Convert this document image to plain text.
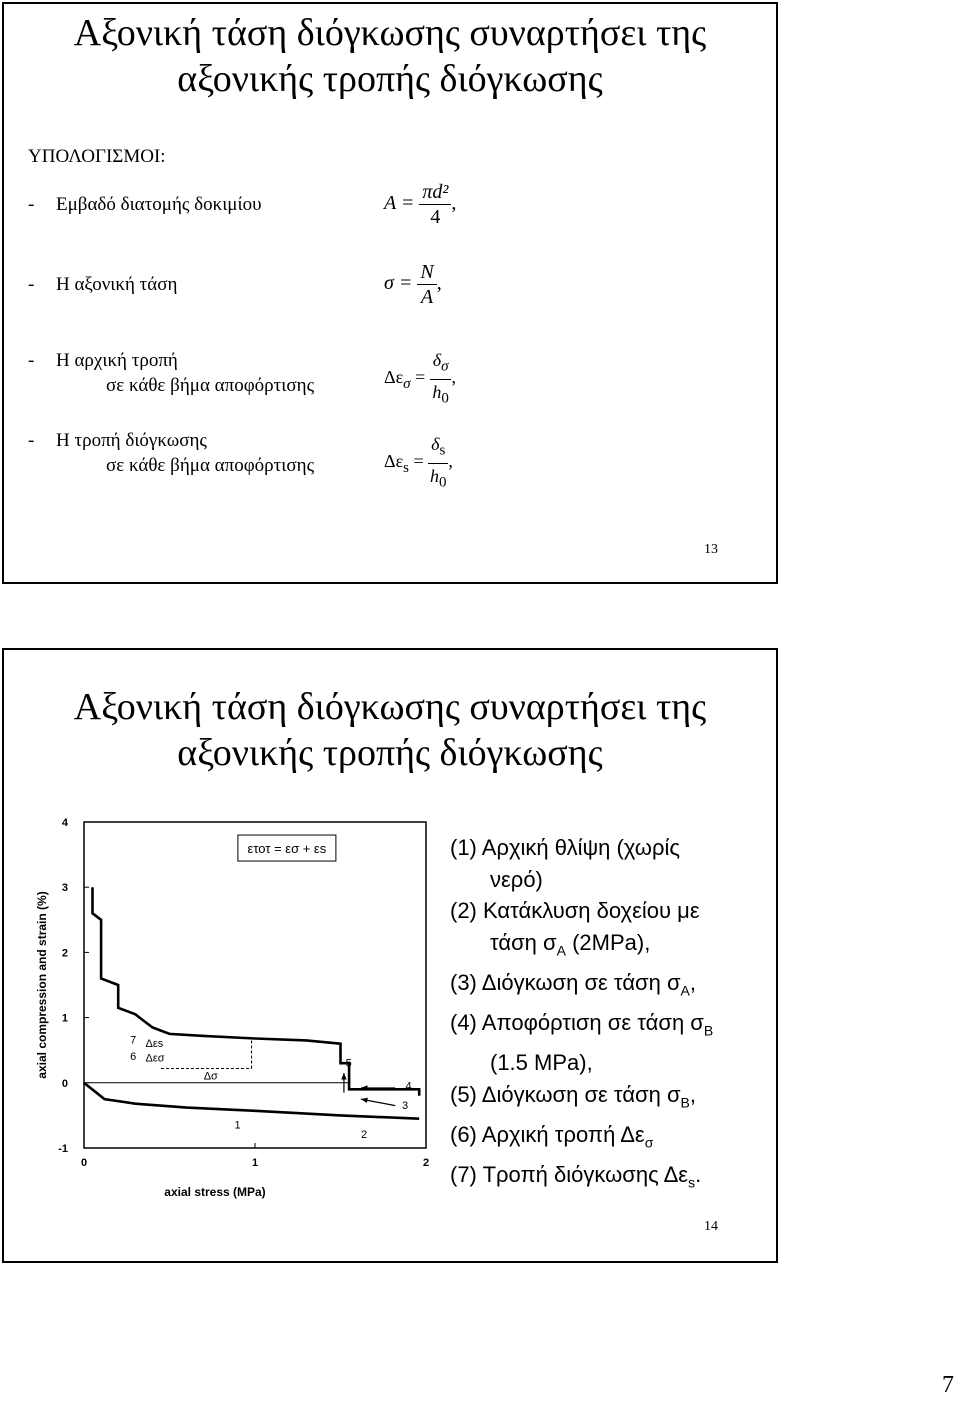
Αξονική τάση διόγκωσης συναρτήσει της
αξονικής τροπής διόγκωσης
ΥΠΟΛΟΓΙΣΜΟΙ:
- Εμβαδό διατομής δοκιμίου
- Η αξονική τάση
- Η αρχική τροπή
σε κάθε βήμα αποφόρτισης
- Η τροπή διόγκωσης
σε κάθε βήμα αποφόρτισης
$A = \frac{\text{πd²}}{4}$ ,
$\sigma = \frac{N}{A}$ ,
$\Delta\varepsilon_\sigma = \frac{\delta_\sigma}{h_0}$ ,
$\Delta\varepsilon_s = \frac{\delta_s}{h_0}$ ,
13
Αξονική τάση διόγκωσης συναρτήσει της
αξονικής τροπής διόγκωσης
-1
0
1
2
3
4
0	1	2
axial stress (MPa)
axial compression and strain (%)
ετοτ = εσ + εs
1
2
3
4
5
6
7 Δεs
Δεσ
Δσ
(1) Αρχική θλίψη (χωρίς
νερό)
(2) Κατάκλυση δοχείου με
τάση $\sigma_A$ (2MPa),
(3) Διόγκωση σε τάση $\sigma_A$,
(4) Αποφόρτιση σε τάση $\sigma_B$
(1.5 MPa),
(5) Διόγκωση σε τάση $\sigma_B$,
(6) Αρχική τροπή $\Delta\varepsilon_\sigma$
(7) Τροπή διόγκωσης $\Delta\varepsilon_s$.
14
7
